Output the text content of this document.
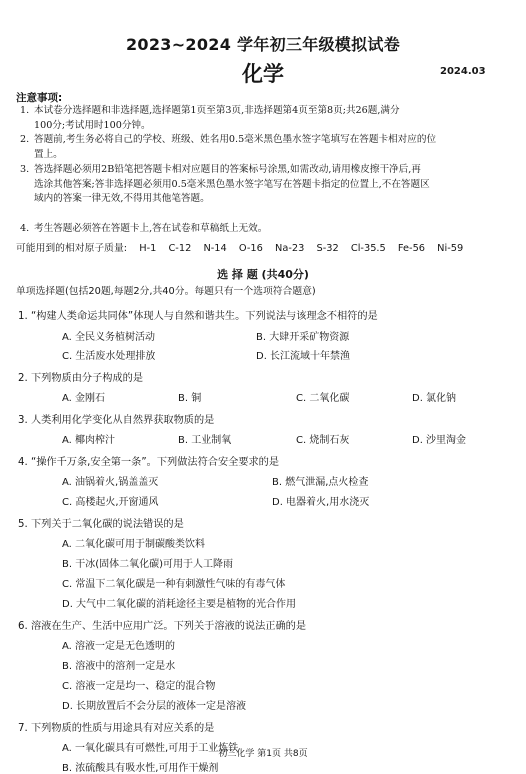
2023~2024 学年初三年级模拟试卷
化学	2024.03
注意事项:
1. 本试卷分选择题和非选择题,选择题第1页至第3页,非选择题第4页至第8页;共26题,满分
100分;考试用时100分钟。
2. 答题前,考生务必将自己的学校、班级、姓名用0.5毫米黑色墨水签字笔填写在答题卡相对应的位
置上。
3. 答选择题必须用2B铅笔把答题卡相对应题目的答案标号涂黑,如需改动,请用橡皮擦干净后,再
选涂其他答案;答非选择题必须用0.5毫米黑色墨水签字笔写在答题卡指定的位置上,不在答题区
域内的答案一律无效,不得用其他笔答题。
4. 考生答题必须答在答题卡上,答在试卷和草稿纸上无效。
可能用到的相对原子质量: H-1 C-12 N-14 O-16 Na-23 S-32 Cl-35.5 Fe-56 Ni-59
选 择 题 (共40分)
单项选择题(包括20题,每题2分,共40分。每题只有一个选项符合题意)
1. “构建人类命运共同体”体现人与自然和谐共生。下列说法与该理念不相符的是
A. 全民义务植树活动	B. 大肆开采矿物资源
C. 生活废水处理排放	D. 长江流域十年禁渔
2. 下列物质由分子构成的是
A. 金刚石	B. 铜	C. 二氧化碳	D. 氯化钠
3. 人类利用化学变化从自然界获取物质的是
A. 椰肉榨汁	B. 工业制氧	C. 烧制石灰	D. 沙里淘金
4. “操作千万条,安全第一条”。下列做法符合安全要求的是
A. 油锅着火,锅盖盖灭	B. 燃气泄漏,点火检查
C. 高楼起火,开窗通风	D. 电器着火,用水浇灭
5. 下列关于二氧化碳的说法错误的是
A. 二氧化碳可用于制碳酸类饮料
B. 干冰(固体二氧化碳)可用于人工降雨
C. 常温下二氧化碳是一种有刺激性气味的有毒气体
D. 大气中二氧化碳的消耗途径主要是植物的光合作用
6. 溶液在生产、生活中应用广泛。下列关于溶液的说法正确的是
A. 溶液一定是无色透明的
B. 溶液中的溶剂一定是水
C. 溶液一定是均一、稳定的混合物
D. 长期放置后不会分层的液体一定是溶液
7. 下列物质的性质与用途具有对应关系的是
A. 一氧化碳具有可燃性,可用于工业炼铁
B. 浓硫酸具有吸水性,可用作干燥剂
初三化学 第1页 共8页
